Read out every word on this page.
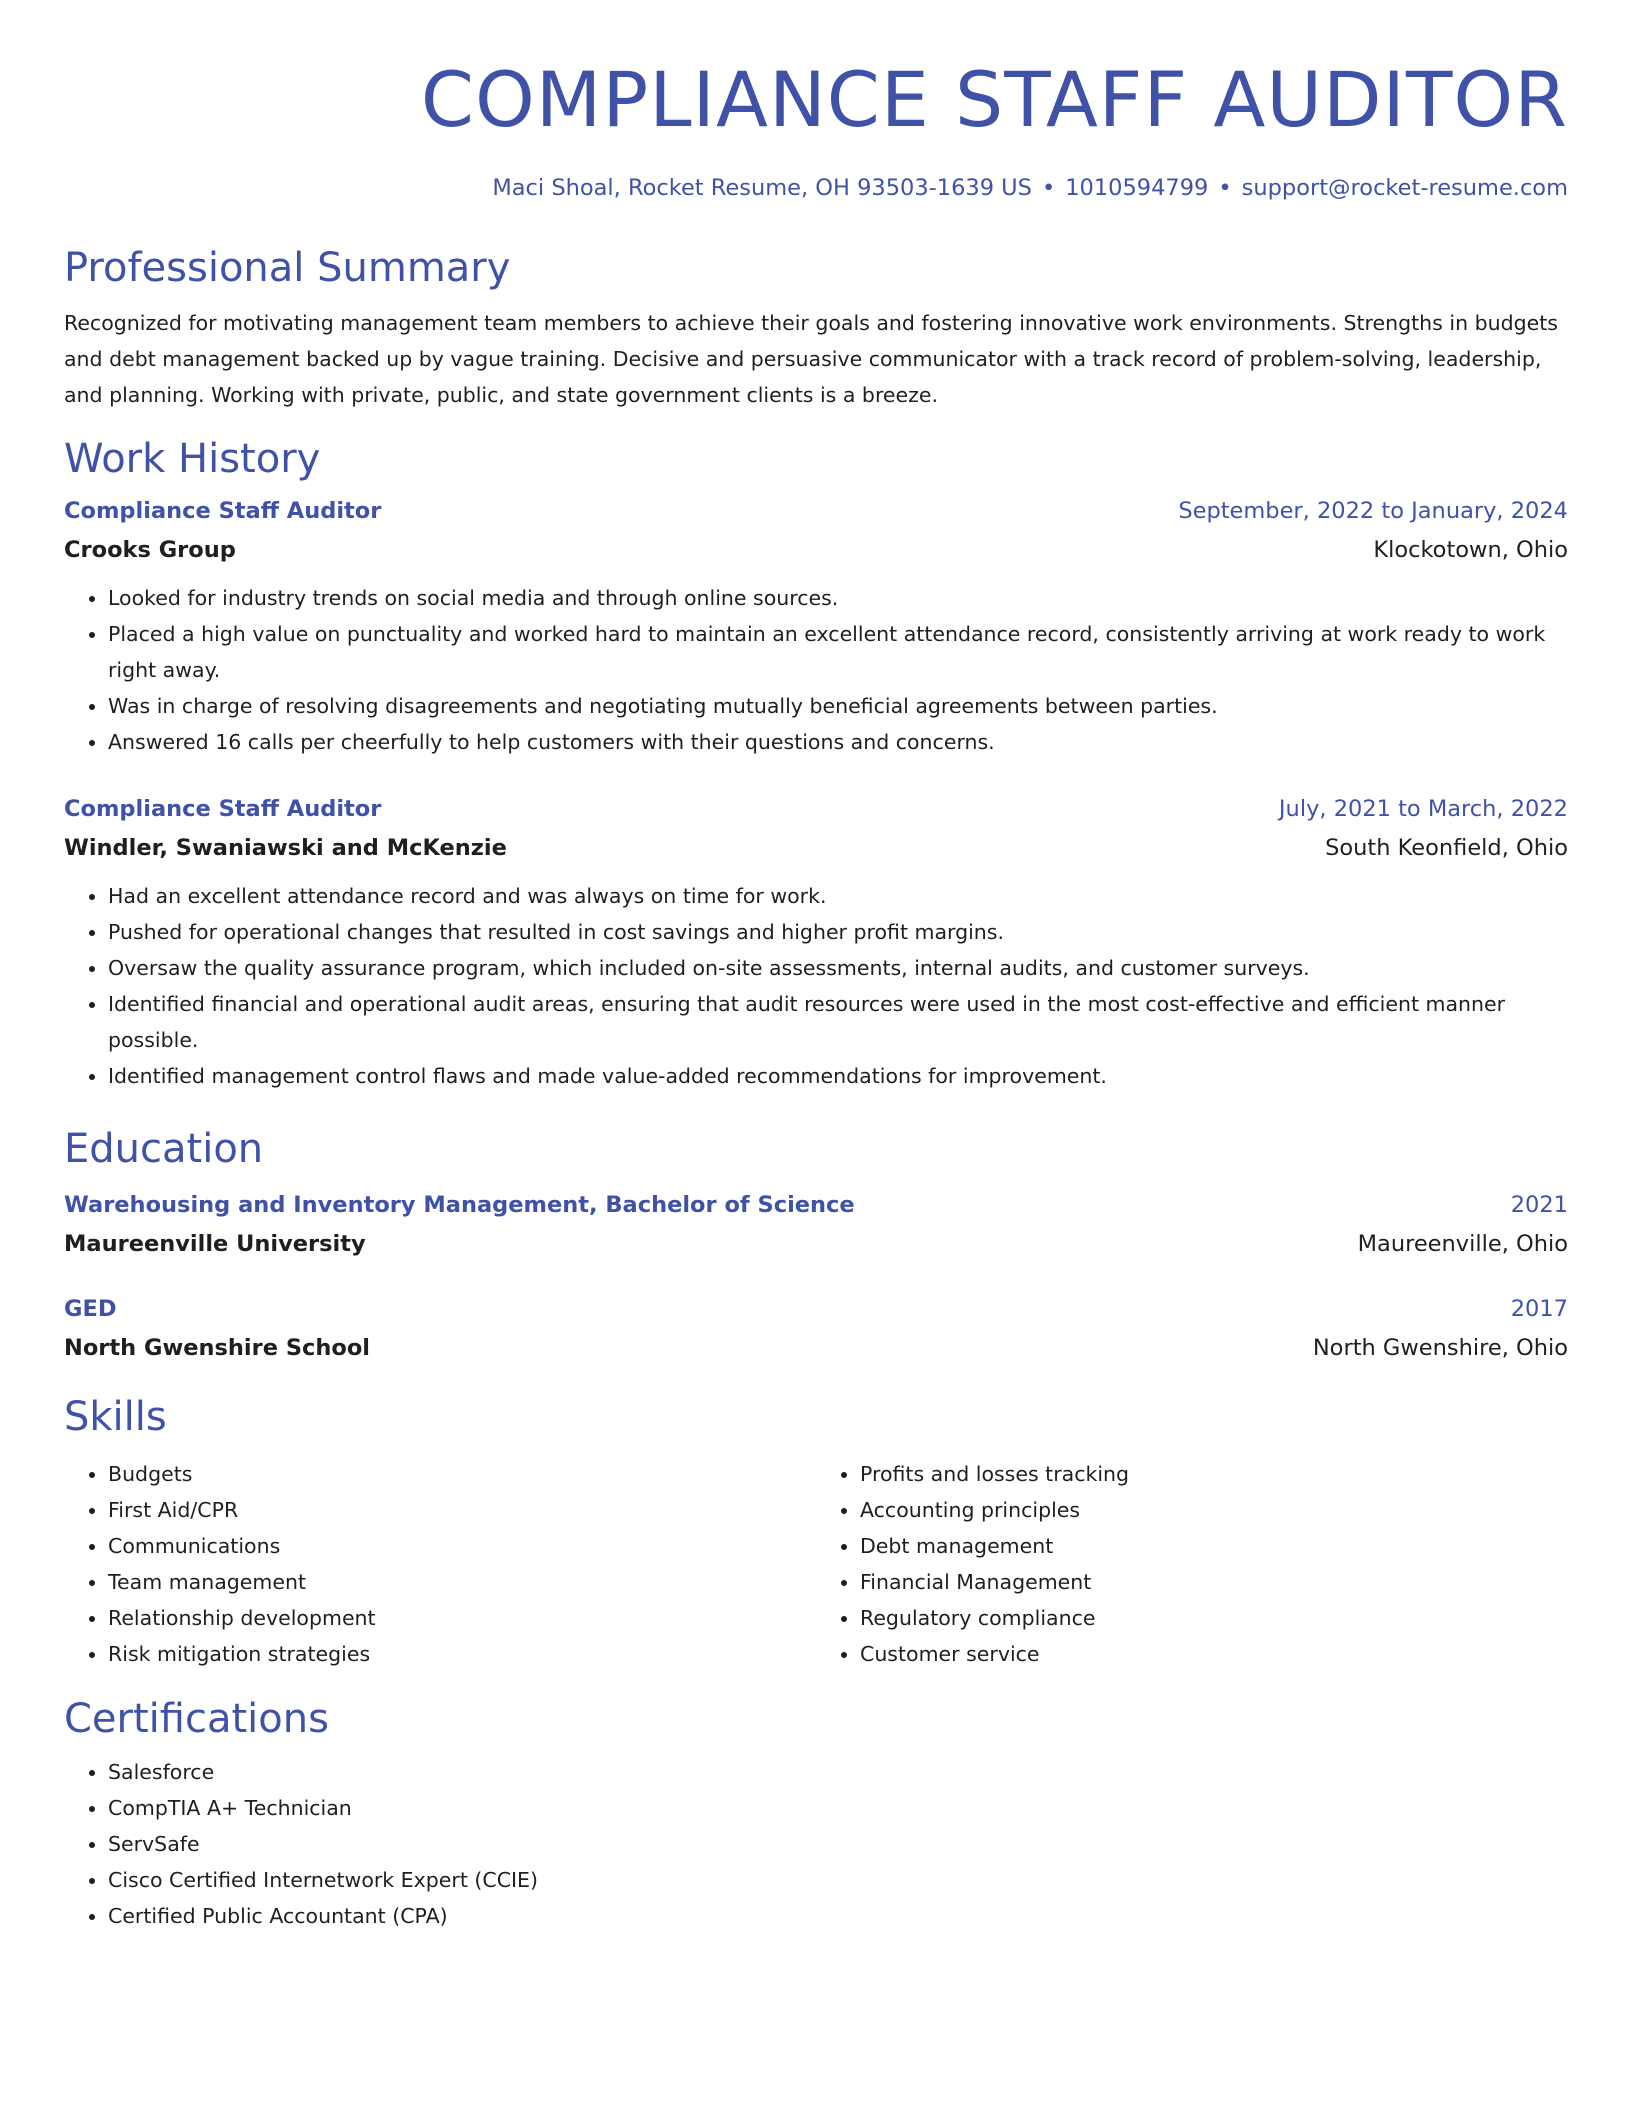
COMPLIANCE STAFF AUDITOR
Maci Shoal, Rocket Resume, OH 93503-1639 US • 1010594799 • support@rocket-resume.com
Professional Summary
Recognized for motivating management team members to achieve their goals and fostering innovative work environments. Strengths in budgets and debt management backed up by vague training. Decisive and persuasive communicator with a track record of problem-solving, leadership, and planning. Working with private, public, and state government clients is a breeze.
Work History
Compliance Staff Auditor	September, 2022 to January, 2024
Crooks Group	Klockotown, Ohio
• Looked for industry trends on social media and through online sources.
• Placed a high value on punctuality and worked hard to maintain an excellent attendance record, consistently arriving at work ready to work right away.
• Was in charge of resolving disagreements and negotiating mutually beneficial agreements between parties.
• Answered 16 calls per cheerfully to help customers with their questions and concerns.
Compliance Staff Auditor	July, 2021 to March, 2022
Windler, Swaniawski and McKenzie	South Keonfield, Ohio
• Had an excellent attendance record and was always on time for work.
• Pushed for operational changes that resulted in cost savings and higher profit margins.
• Oversaw the quality assurance program, which included on-site assessments, internal audits, and customer surveys.
• Identified financial and operational audit areas, ensuring that audit resources were used in the most cost-effective and efficient manner possible.
• Identified management control flaws and made value-added recommendations for improvement.
Education
Warehousing and Inventory Management, Bachelor of Science	2021
Maureenville University	Maureenville, Ohio
GED	2017
North Gwenshire School	North Gwenshire, Ohio
Skills
• Budgets
• First Aid/CPR
• Communications
• Team management
• Relationship development
• Risk mitigation strategies
• Profits and losses tracking
• Accounting principles
• Debt management
• Financial Management
• Regulatory compliance
• Customer service
Certifications
• Salesforce
• CompTIA A+ Technician
• ServSafe
• Cisco Certified Internetwork Expert (CCIE)
• Certified Public Accountant (CPA)
